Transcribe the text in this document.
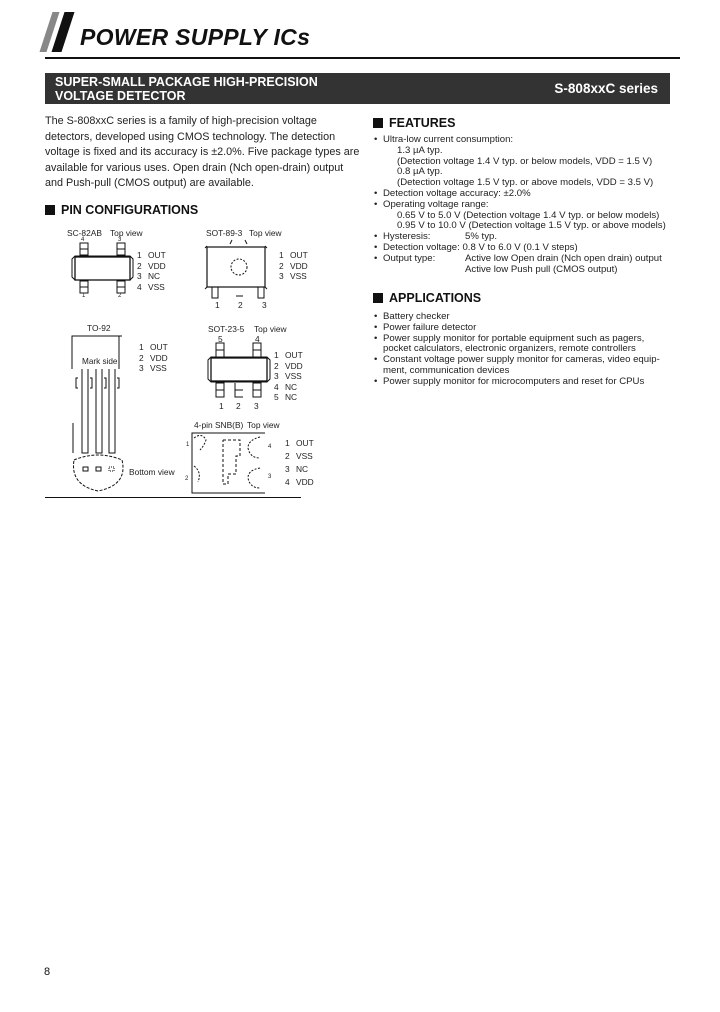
POWER SUPPLY ICs
SUPER-SMALL PACKAGE HIGH-PRECISION
VOLTAGE DETECTOR	S-808xxC series
The S-808xxC series is a family of high-precision voltage detectors, developed using CMOS technology. The detection voltage is fixed and its accuracy is ±2.0%. Five package types are available for various uses. Open drain (Nch open-drain) output and Push-pull (CMOS output) are available.
PIN CONFIGURATIONS
SC-82AB Top view
4	3
1	2
1 OUT
2 VDD
3 NC
4 VSS
SOT-89-3 Top view
1 2 3
1 OUT
2 VDD
3 VSS
TO-92
Mark side
Bottom view
1 OUT
2 VDD
3 VSS
SOT-23-5 Top view
5	4
1 2 3
1 OUT
2 VDD
3 VSS
4 NC
5 NC
4-pin SNB(B) Top view
1
2
4
3
1 OUT
2 VSS
3 NC
4 VDD
FEATURES
• Ultra-low current consumption:
1.3 µA typ.
(Detection voltage 1.4 V typ. or below models, VDD = 1.5 V)
0.8 µA typ.
(Detection voltage 1.5 V typ. or above models, VDD = 3.5 V)
• Detection voltage accuracy: ±2.0%
• Operating voltage range:
0.65 V to 5.0 V (Detection voltage 1.4 V typ. or below models)
0.95 V to 10.0 V (Detection voltage 1.5 V typ. or above models)
• Hysteresis:	5% typ.
• Detection voltage: 0.8 V to 6.0 V (0.1 V steps)
• Output type:	Active low Open drain (Nch open drain) output
Active low Push pull (CMOS output)
APPLICATIONS
• Battery checker
• Power failure detector
• Power supply monitor for portable equipment such as pagers,
pocket calculators, electronic organizers, remote controllers
• Constant voltage power supply monitor for cameras, video equip-
ment, communication devices
• Power supply monitor for microcomputers and reset for CPUs
8
